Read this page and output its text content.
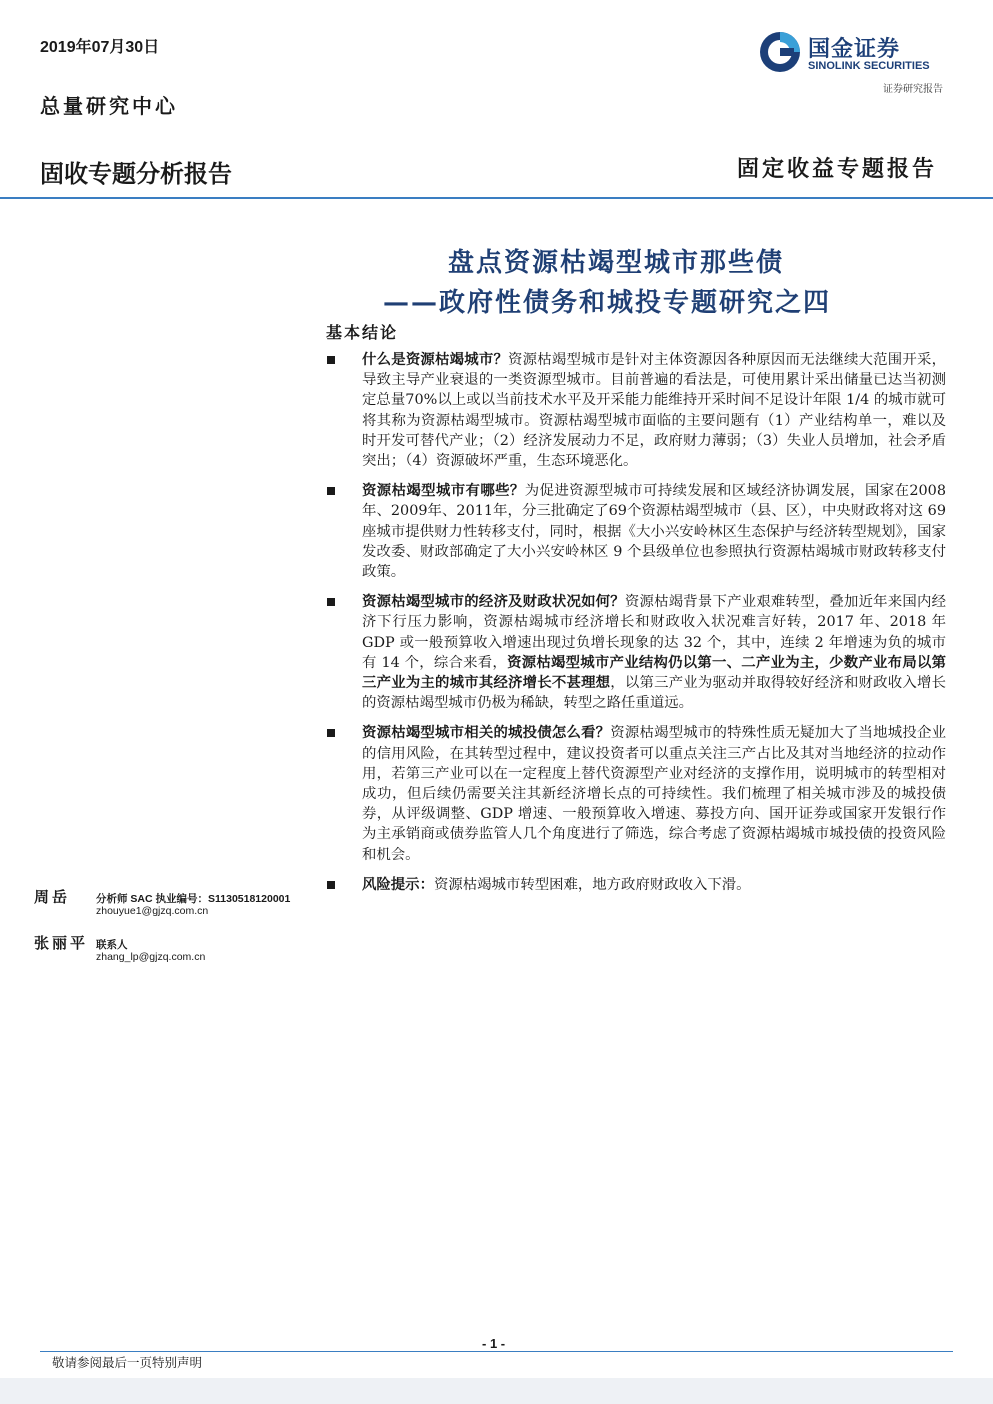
2019年07月30日
总量研究中心
固收专题分析报告	固定收益专题报告
国金证券
SINOLINK SECURITIES
证券研究报告
盘点资源枯竭型城市那些债
——政府性债务和城投专题研究之四
基本结论
什么是资源枯竭城市？资源枯竭型城市是针对主体资源因各种原因而无法继续大范围开采，导致主导产业衰退的一类资源型城市。目前普遍的看法是，可使用累计采出储量已达当初测定总量70%以上或以当前技术水平及开采能力能维持开采时间不足设计年限 1/4 的城市就可将其称为资源枯竭型城市。资源枯竭型城市面临的主要问题有（1）产业结构单一，难以及时开发可替代产业；（2）经济发展动力不足，政府财力薄弱；（3）失业人员增加，社会矛盾突出；（4）资源破坏严重，生态环境恶化。
资源枯竭型城市有哪些？为促进资源型城市可持续发展和区域经济协调发展，国家在2008年、2009年、2011年，分三批确定了69个资源枯竭型城市（县、区），中央财政将对这 69 座城市提供财力性转移支付，同时，根据《大小兴安岭林区生态保护与经济转型规划》，国家发改委、财政部确定了大小兴安岭林区 9 个县级单位也参照执行资源枯竭城市财政转移支付政策。
资源枯竭型城市的经济及财政状况如何？资源枯竭背景下产业艰难转型，叠加近年来国内经济下行压力影响，资源枯竭城市经济增长和财政收入状况难言好转，2017 年、2018 年 GDP 或一般预算收入增速出现过负增长现象的达 32 个，其中，连续 2 年增速为负的城市有 14 个，综合来看，资源枯竭型城市产业结构仍以第一、二产业为主，少数产业布局以第三产业为主的城市其经济增长不甚理想，以第三产业为驱动并取得较好经济和财政收入增长的资源枯竭型城市仍极为稀缺，转型之路任重道远。
资源枯竭型城市相关的城投债怎么看？资源枯竭型城市的特殊性质无疑加大了当地城投企业的信用风险，在其转型过程中，建议投资者可以重点关注三产占比及其对当地经济的拉动作用，若第三产业可以在一定程度上替代资源型产业对经济的支撑作用，说明城市的转型相对成功，但后续仍需要关注其新经济增长点的可持续性。我们梳理了相关城市涉及的城投债券，从评级调整、GDP 增速、一般预算收入增速、募投方向、国开证券或国家开发银行作为主承销商或债券监管人几个角度进行了筛选，综合考虑了资源枯竭城市城投债的投资风险和机会。
风险提示：资源枯竭城市转型困难，地方政府财政收入下滑。
周岳 分析师 SAC 执业编号：S1130518120001
zhouyue1@gjzq.com.cn
张丽平 联系人
zhang_lp@gjzq.com.cn
- 1 -
敬请参阅最后一页特别声明
